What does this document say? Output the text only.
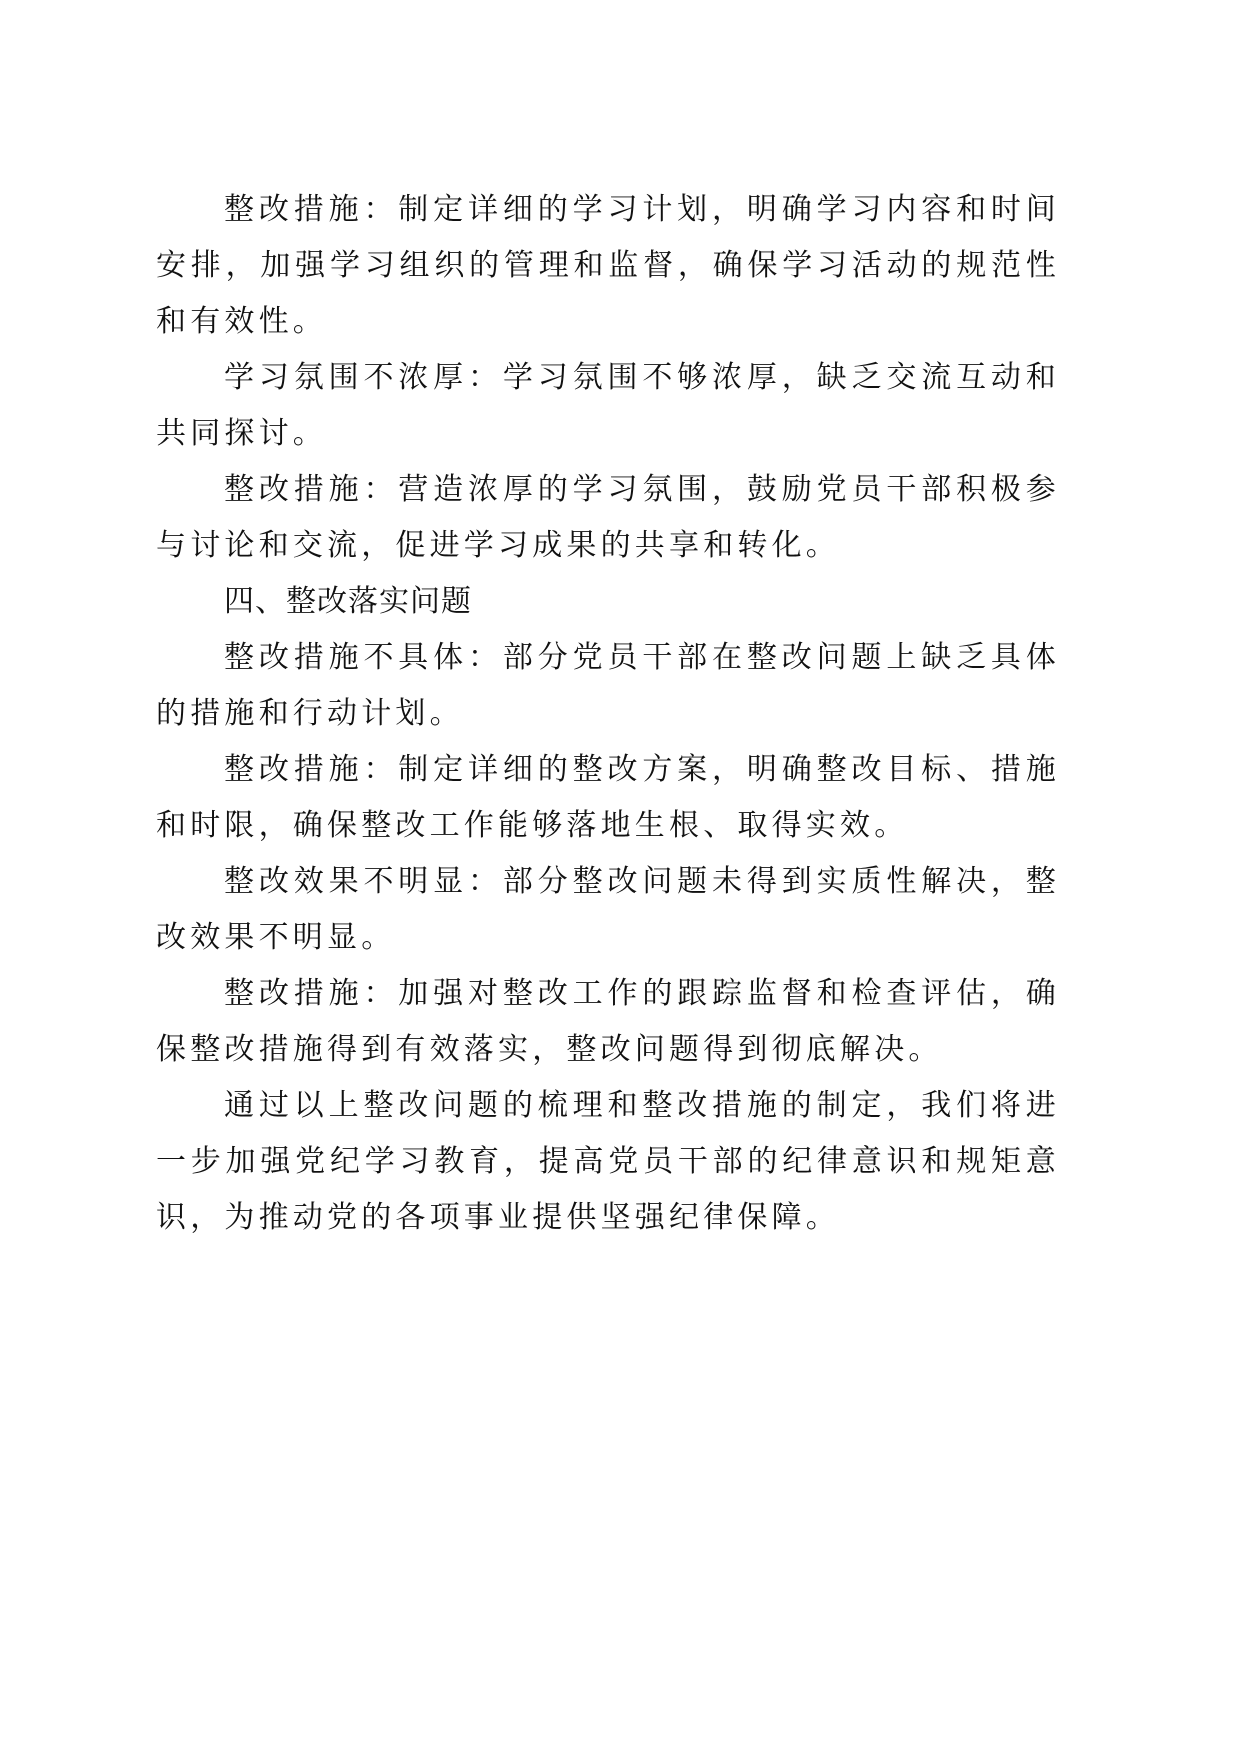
整改措施：制定详细的学习计划，明确学习内容和时间安排，加强学习组织的管理和监督，确保学习活动的规范性和有效性。

学习氛围不浓厚：学习氛围不够浓厚，缺乏交流互动和共同探讨。

整改措施：营造浓厚的学习氛围，鼓励党员干部积极参与讨论和交流，促进学习成果的共享和转化。

四、整改落实问题

整改措施不具体：部分党员干部在整改问题上缺乏具体的措施和行动计划。

整改措施：制定详细的整改方案，明确整改目标、措施和时限，确保整改工作能够落地生根、取得实效。

整改效果不明显：部分整改问题未得到实质性解决，整改效果不明显。

整改措施：加强对整改工作的跟踪监督和检查评估，确保整改措施得到有效落实，整改问题得到彻底解决。

通过以上整改问题的梳理和整改措施的制定，我们将进一步加强党纪学习教育，提高党员干部的纪律意识和规矩意识，为推动党的各项事业提供坚强纪律保障。
